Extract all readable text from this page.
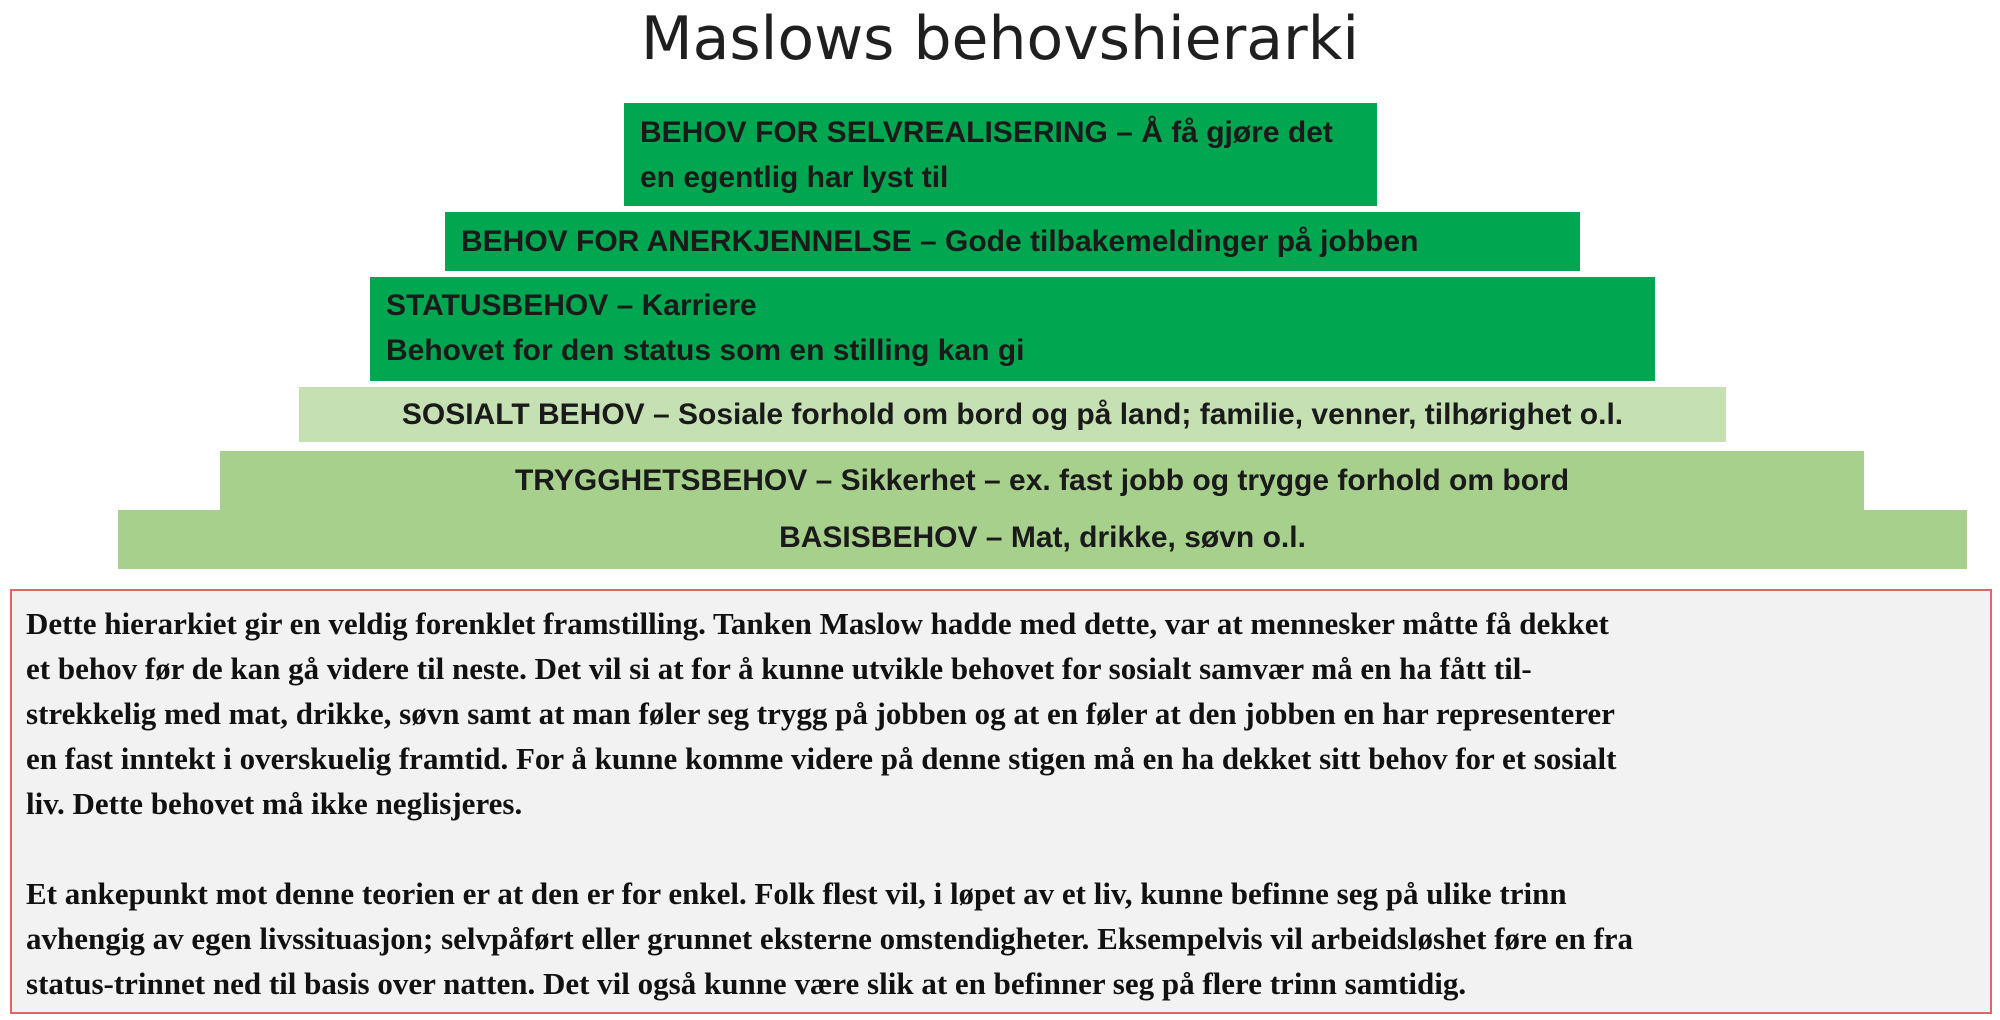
Maslows behovshierarki
BEHOV FOR SELVREALISERING – Å få gjøre det
en egentlig har lyst til
BEHOV FOR ANERKJENNELSE – Gode tilbakemeldinger på jobben
STATUSBEHOV – Karriere
Behovet for den status som en stilling kan gi
SOSIALT BEHOV – Sosiale forhold om bord og på land; familie, venner, tilhørighet o.l.
TRYGGHETSBEHOV – Sikkerhet – ex. fast jobb og trygge forhold om bord
BASISBEHOV – Mat, drikke, søvn o.l.
Dette hierarkiet gir en veldig forenklet framstilling. Tanken Maslow hadde med dette, var at mennesker måtte få dekket
et behov før de kan gå videre til neste. Det vil si at for å kunne utvikle behovet for sosialt samvær må en ha fått til-
strekkelig med mat, drikke, søvn samt at man føler seg trygg på jobben og at en føler at den jobben en har representerer
en fast inntekt i overskuelig framtid. For å kunne komme videre på denne stigen må en ha dekket sitt behov for et sosialt
liv. Dette behovet må ikke neglisjeres.
Et ankepunkt mot denne teorien er at den er for enkel. Folk flest vil, i løpet av et liv, kunne befinne seg på ulike trinn
avhengig av egen livssituasjon; selvpåført eller grunnet eksterne omstendigheter. Eksempelvis vil arbeidsløshet føre en fra
status-trinnet ned til basis over natten. Det vil også kunne være slik at en befinner seg på flere trinn samtidig.
